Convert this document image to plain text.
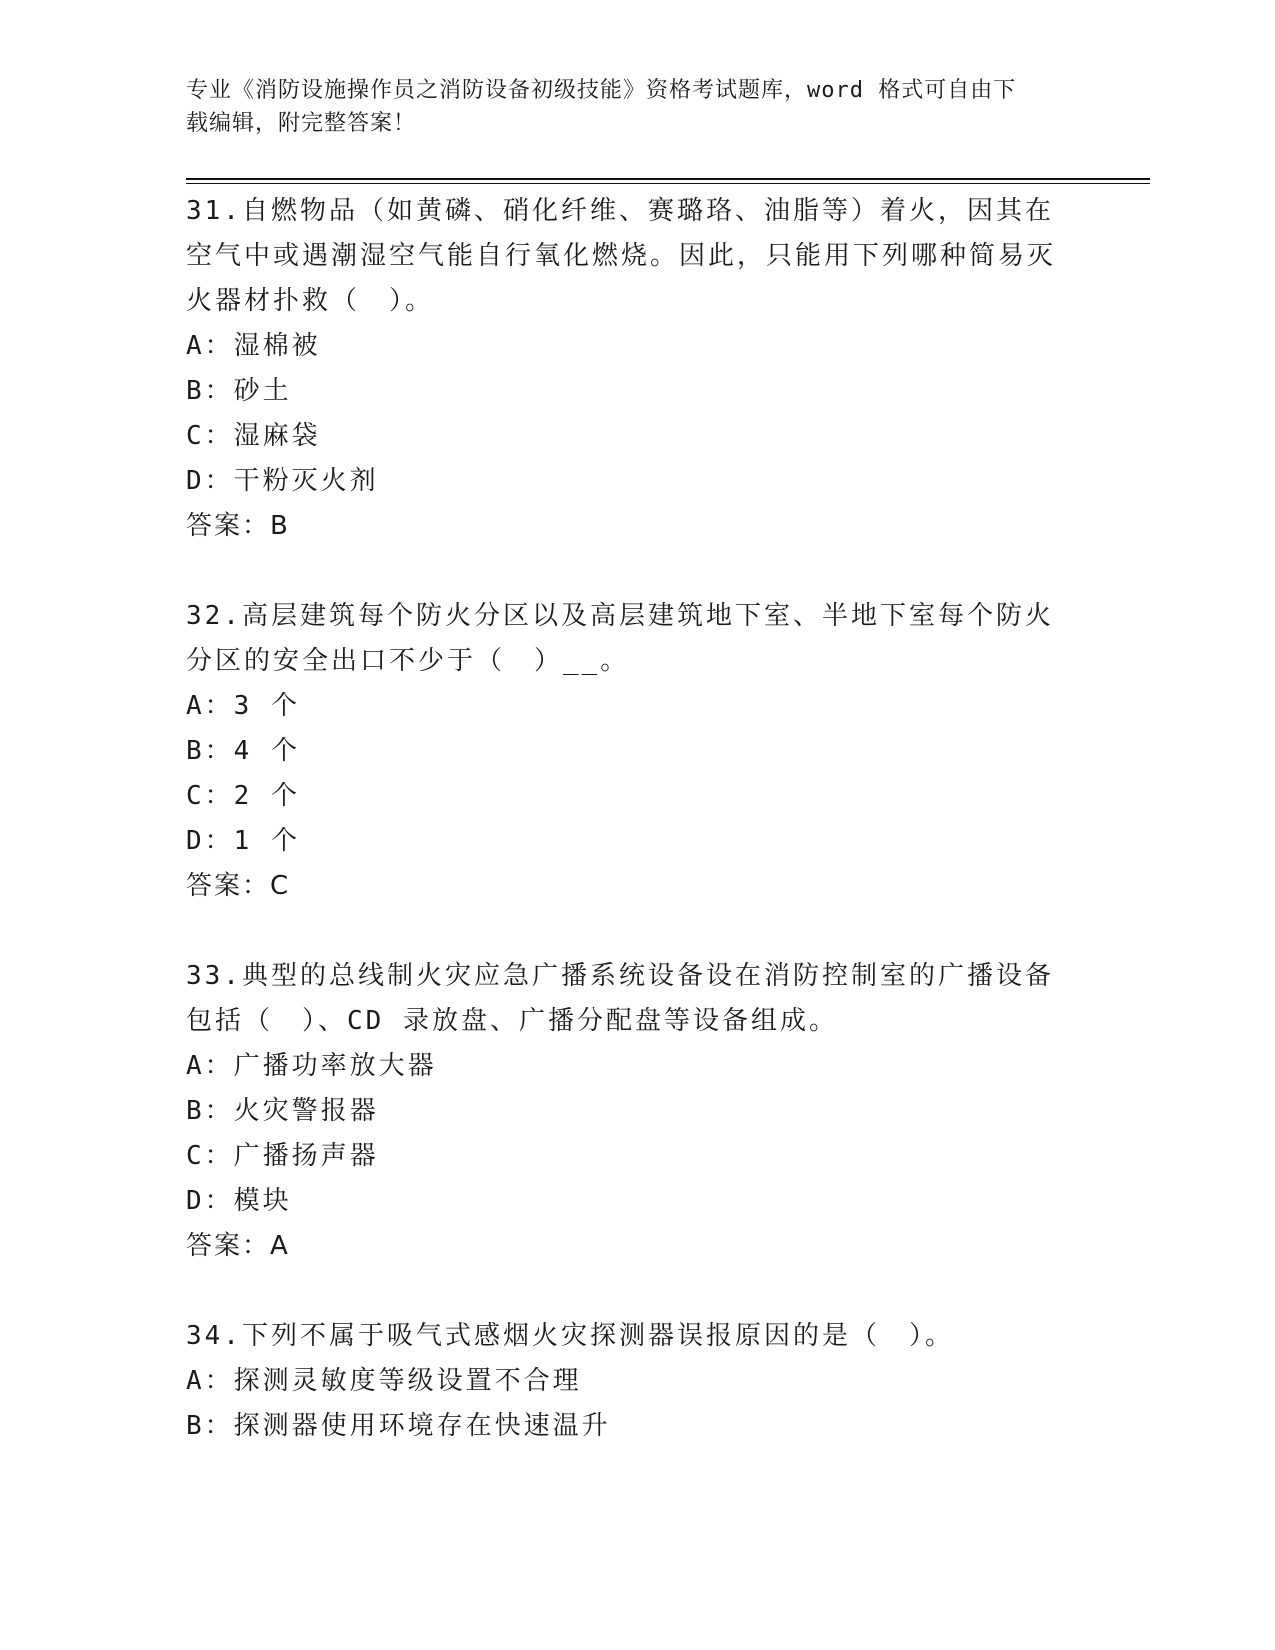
专业《消防设施操作员之消防设备初级技能》资格考试题库，word 格式可自由下
载编辑，附完整答案！
31.自燃物品（如黄磷、硝化纤维、赛璐珞、油脂等）着火，因其在空气中或遇潮湿空气能自行氧化燃烧。因此，只能用下列哪种简易灭火器材扑救（　）。
A： 湿棉被
B： 砂土
C： 湿麻袋
D： 干粉灭火剂
答案：B
32.高层建筑每个防火分区以及高层建筑地下室、半地下室每个防火分区的安全出口不少于（　）__。
A： 3 个
B： 4 个
C： 2 个
D： 1 个
答案：C
33.典型的总线制火灾应急广播系统设备设在消防控制室的广播设备包括（　）、CD 录放盘、广播分配盘等设备组成。
A： 广播功率放大器
B： 火灾警报器
C： 广播扬声器
D： 模块
答案：A
34.下列不属于吸气式感烟火灾探测器误报原因的是（　）。
A： 探测灵敏度等级设置不合理
B： 探测器使用环境存在快速温升
